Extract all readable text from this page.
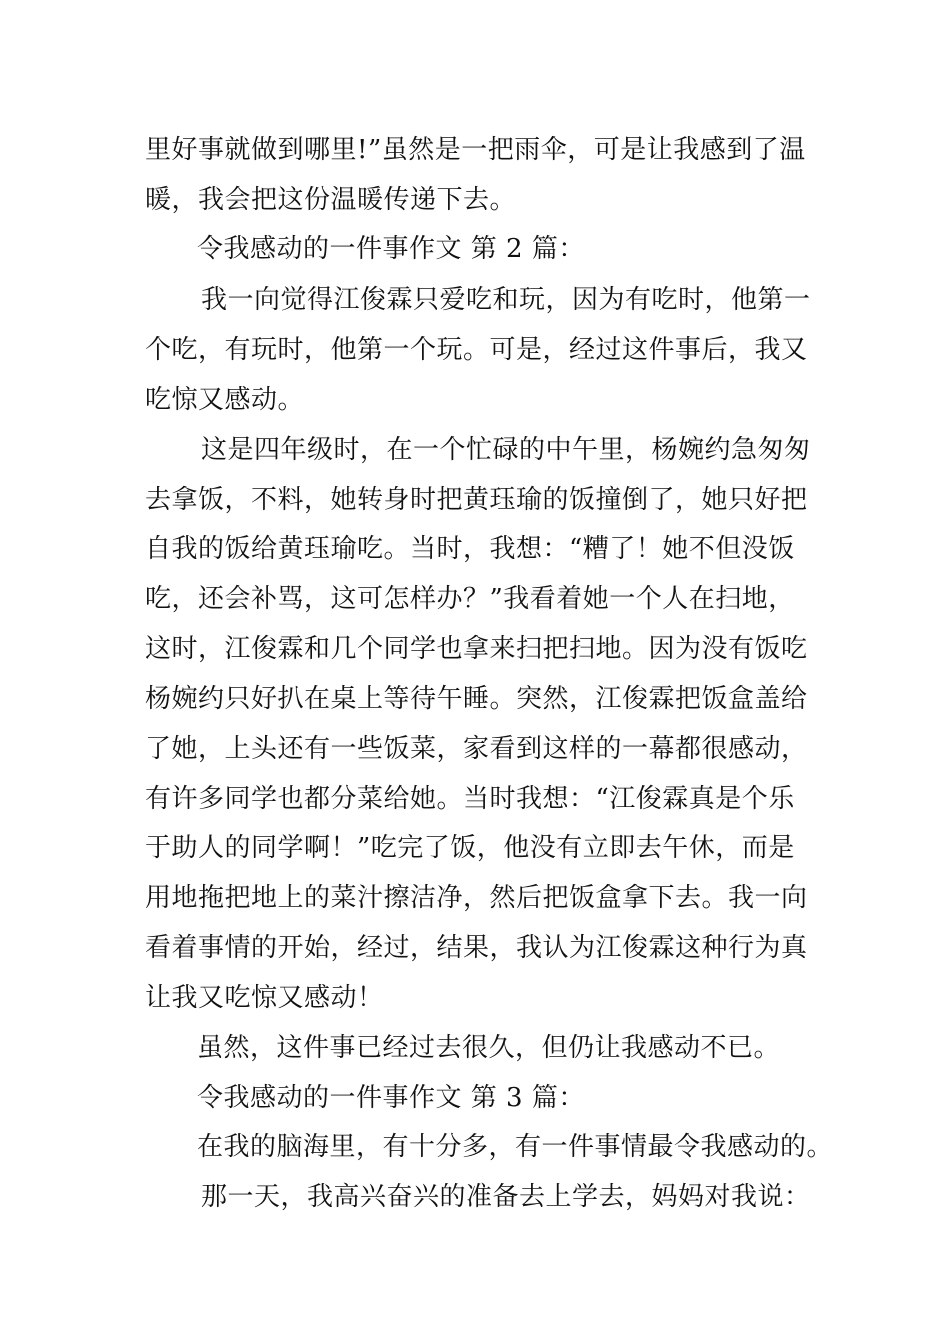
里好事就做到哪里!”虽然是一把雨伞，可是让我感到了温
暖，我会把这份温暖传递下去。
令我感动的一件事作文 第 2 篇：
我一向觉得江俊霖只爱吃和玩，因为有吃时，他第一
个吃，有玩时，他第一个玩。可是，经过这件事后，我又
吃惊又感动。
这是四年级时，在一个忙碌的中午里，杨婉约急匆匆
去拿饭，不料，她转身时把黄珏瑜的饭撞倒了，她只好把
自我的饭给黄珏瑜吃。当时，我想：“糟了！她不但没饭
吃，还会补骂，这可怎样办？”我看着她一个人在扫地，
这时，江俊霖和几个同学也拿来扫把扫地。因为没有饭吃
杨婉约只好扒在桌上等待午睡。突然，江俊霖把饭盒盖给
了她，上头还有一些饭菜，家看到这样的一幕都很感动，
有许多同学也都分菜给她。当时我想：“江俊霖真是个乐
于助人的同学啊！”吃完了饭，他没有立即去午休，而是
用地拖把地上的菜汁擦洁净，然后把饭盒拿下去。我一向
看着事情的开始，经过，结果，我认为江俊霖这种行为真
让我又吃惊又感动！
虽然，这件事已经过去很久，但仍让我感动不已。
令我感动的一件事作文 第 3 篇：
在我的脑海里，有十分多，有一件事情最令我感动的。
那一天，我高兴奋兴的准备去上学去，妈妈对我说：
